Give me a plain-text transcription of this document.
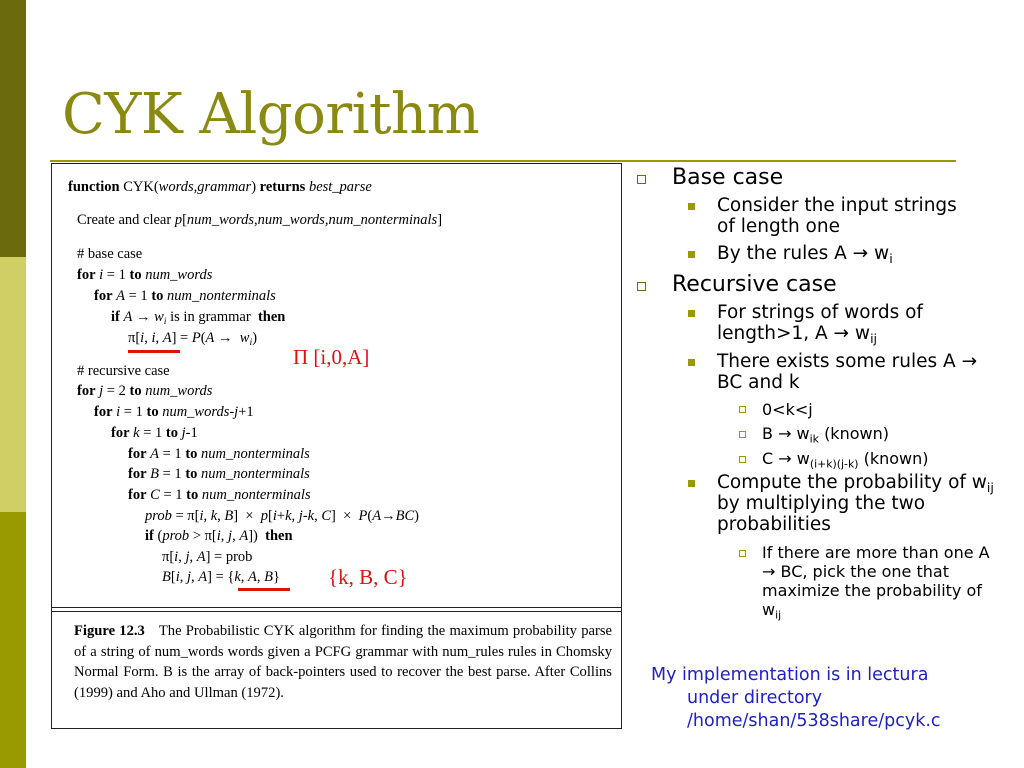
CYK Algorithm
function CYK(words,grammar) returns best_parse
Create and clear p[num_words,num_words,num_nonterminals]
# base case
for i = 1 to num_words
for A = 1 to num_nonterminals
if $A \to w_i$ is in grammar  then
π[i, i, $A] = P(A \to w_i)$
Π [i,0,A]
# recursive case
for j = 2 to num_words
for i = 1 to num_words-j+1
for k = 1 to j-1
for A = 1 to num_nonterminals
for B = 1 to num_nonterminals
for C = 1 to num_nonterminals
prob = π[i, k, B]  ×  p[i+k, j-k, C]  ×  P(A→BC)
if (prob > π[i, j, A])  then
π[i, j, A] = prob
B[i, j, A] = {k, A, B} {k, B, C}
Figure 12.3 The Probabilistic CYK algorithm for finding the maximum probability parse of a string of num_words words given a PCFG grammar with num_rules rules in Chomsky Normal Form. B is the array of back-pointers used to recover the best parse. After Collins (1999) and Aho and Ullman (1972).
Base case
Consider the input strings of length one
By the rules $A \to w_i$
Recursive case
For strings of words of length>1, $A \to w_{ij}$
There exists some rules A → BC and k
0<k<j
$B \to w_{ik}$ (known)
$C \to w_{(i+k)(j-k)}$ (known)
Compute the probability of $w_{ij}$ by multiplying the two probabilities
If there are more than one A → BC, pick the one that maximize the probability of $w_{ij}$
My implementation is in lectura
under directory
/home/shan/538share/pcyk.c
